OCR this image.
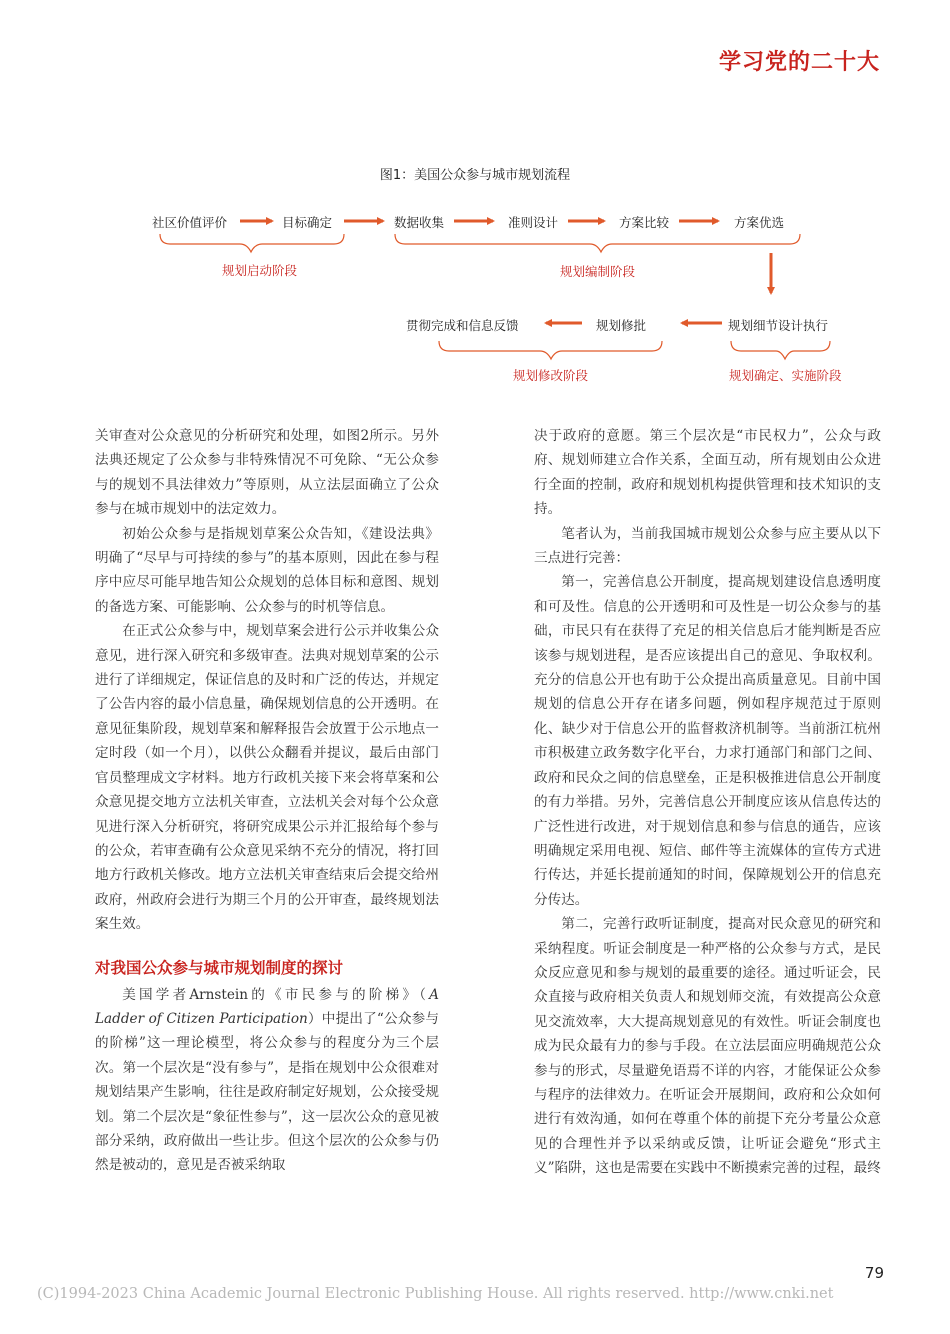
学习党的二十大
图1：美国公众参与城市规划流程
社区价值评价	目标确定	数据收集	准则设计	方案比较	方案优选
规划细节设计执行
规划修批
贯彻完成和信息反馈
规划启动阶段	规划编制阶段
规划修改阶段	规划确定、实施阶段

关审查对公众意见的分析研究和处理，如图2所示。另外法典还规定了公众参与非特殊情况不可免除、“无公众参与的规划不具法律效力”等原则，从立法层面确立了公众参与在城市规划中的法定效力。

初始公众参与是指规划草案公众告知，《建设法典》明确了“尽早与可持续的参与”的基本原则，因此在参与程序中应尽可能早地告知公众规划的总体目标和意图、规划的备选方案、可能影响、公众参与的时机等信息。

在正式公众参与中，规划草案会进行公示并收集公众意见，进行深入研究和多级审查。法典对规划草案的公示进行了详细规定，保证信息的及时和广泛的传达，并规定了公告内容的最小信息量，确保规划信息的公开透明。在意见征集阶段，规划草案和解释报告会放置于公示地点一定时段（如一个月），以供公众翻看并提议，最后由部门官员整理成文字材料。地方行政机关接下来会将草案和公众意见提交地方立法机关审查，立法机关会对每个公众意见进行深入分析研究，将研究成果公示并汇报给每个参与的公众，若审查确有公众意见采纳不充分的情况，将打回地方行政机关修改。地方立法机关审查结束后会提交给州政府，州政府会进行为期三个月的公开审查，最终规划法案生效。

对我国公众参与城市规划制度的探讨

美国学者Arnstein的《市民参与的阶梯》（A Ladder of Citizen Participation）中提出了“公众参与的阶梯”这一理论模型，将公众参与的程度分为三个层次。第一个层次是“没有参与”，是指在规划中公众很难对规划结果产生影响，往往是政府制定好规划，公众接受规划。第二个层次是“象征性参与”，这一层次公众的意见被部分采纳，政府做出一些让步。但这个层次的公众参与仍然是被动的，意见是否被采纳取

决于政府的意愿。第三个层次是“市民权力”，公众与政府、规划师建立合作关系，全面互动，所有规划由公众进行全面的控制，政府和规划机构提供管理和技术知识的支持。

笔者认为，当前我国城市规划公众参与应主要从以下三点进行完善：

第一，完善信息公开制度，提高规划建设信息透明度和可及性。信息的公开透明和可及性是一切公众参与的基础，市民只有在获得了充足的相关信息后才能判断是否应该参与规划进程，是否应该提出自己的意见、争取权利。充分的信息公开也有助于公众提出高质量意见。目前中国规划的信息公开存在诸多问题，例如程序规范过于原则化、缺少对于信息公开的监督救济机制等。当前浙江杭州市积极建立政务数字化平台，力求打通部门和部门之间、政府和民众之间的信息壁垒，正是积极推进信息公开制度的有力举措。另外，完善信息公开制度应该从信息传达的广泛性进行改进，对于规划信息和参与信息的通告，应该明确规定采用电视、短信、邮件等主流媒体的宣传方式进行传达，并延长提前通知的时间，保障规划公开的信息充分传达。

第二，完善行政听证制度，提高对民众意见的研究和采纳程度。听证会制度是一种严格的公众参与方式，是民众反应意见和参与规划的最重要的途径。通过听证会，民众直接与政府相关负责人和规划师交流，有效提高公众意见交流效率，大大提高规划意见的有效性。听证会制度也成为民众最有力的参与手段。在立法层面应明确规范公众参与的形式，尽量避免语焉不详的内容，才能保证公众参与程序的法律效力。在听证会开展期间，政府和公众如何进行有效沟通，如何在尊重个体的前提下充分考量公众意见的合理性并予以采纳或反馈，让听证会避免“形式主义”陷阱，这也是需要在实践中不断摸索完善的过程，最终

79
(C)1994-2023 China Academic Journal Electronic Publishing House. All rights reserved. http://www.cnki.net
